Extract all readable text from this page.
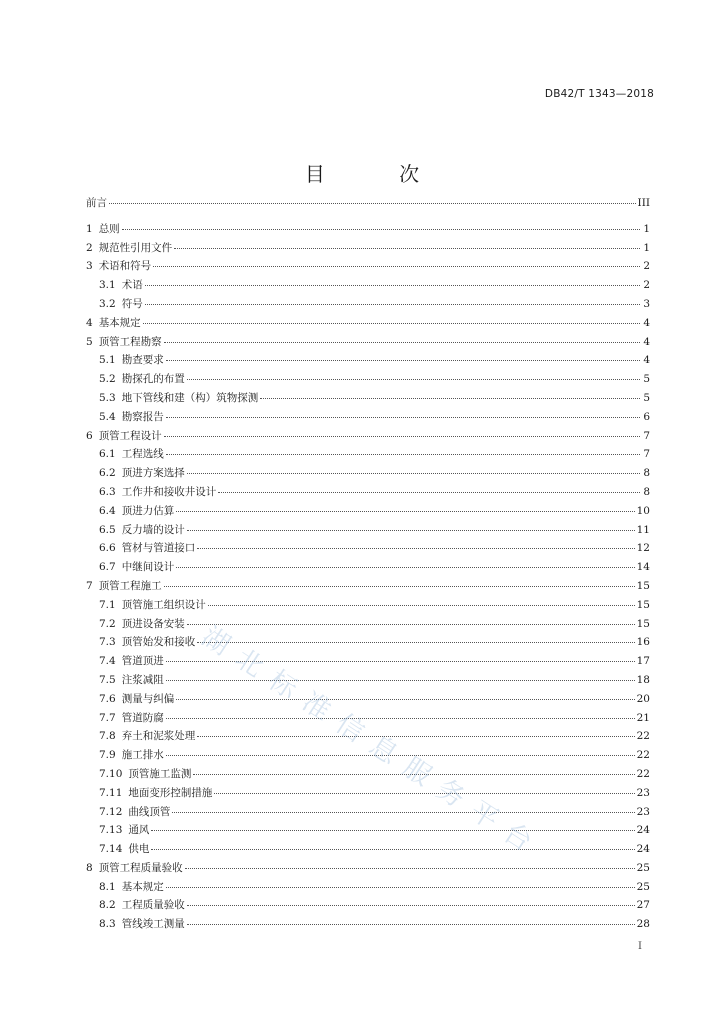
DB42/T 1343—2018
目 次
前言	III
1 总则	1
2 规范性引用文件	1
3 术语和符号	2
3.1 术语	2
3.2 符号	3
4 基本规定	4
5 顶管工程勘察	4
5.1 勘查要求	4
5.2 勘探孔的布置	5
5.3 地下管线和建（构）筑物探测	5
5.4 勘察报告	6
6 顶管工程设计	7
6.1 工程选线	7
6.2 顶进方案选择	8
6.3 工作井和接收井设计	8
6.4 顶进力估算	10
6.5 反力墙的设计	11
6.6 管材与管道接口	12
6.7 中继间设计	14
7 顶管工程施工	15
7.1 顶管施工组织设计	15
7.2 顶进设备安装	15
7.3 顶管始发和接收	16
7.4 管道顶进	17
7.5 注浆减阻	18
7.6 测量与纠偏	20
7.7 管道防腐	21
7.8 弃土和泥浆处理	22
7.9 施工排水	22
7.10 顶管施工监测	22
7.11 地面变形控制措施	23
7.12 曲线顶管	23
7.13 通风	24
7.14 供电	24
8 顶管工程质量验收	25
8.1 基本规定	25
8.2 工程质量验收	27
8.3 管线竣工测量	28
I
湖北标准信息服务平台
